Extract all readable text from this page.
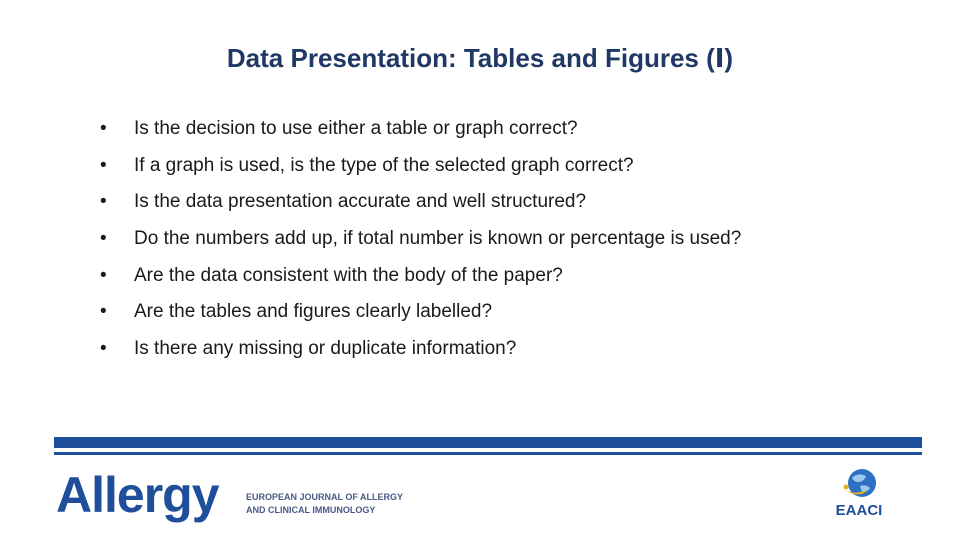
Data Presentation: Tables and Figures (Ⅰ)
•	Is the decision to use either a table or graph correct?
•	If a graph is used, is the type of the selected graph correct?
•	Is the data presentation accurate and well structured?
•	Do the numbers add up, if total number is known or percentage is used?
•	Are the data consistent with the body of the paper?
•	Are the tables and figures clearly labelled?
•	Is there any missing or duplicate information?
Allergy	EUROPEAN JOURNAL OF ALLERGY
AND CLINICAL IMMUNOLOGY	EAACI
